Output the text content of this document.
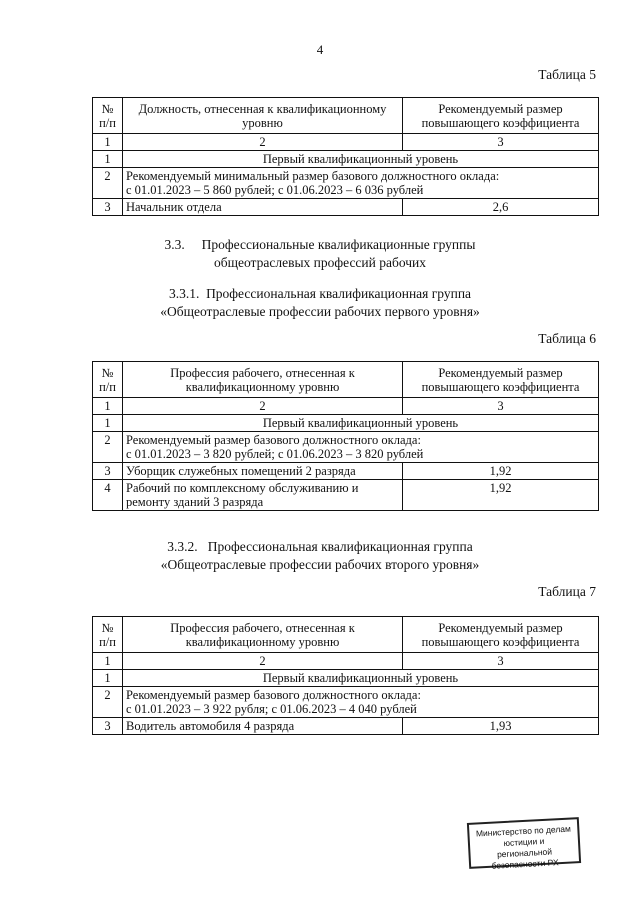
4
Таблица 5
№ п/п	Должность, отнесенная к квалификационному уровню	Рекомендуемый размер повышающего коэффициента
1	2	3
1	Первый квалификационный уровень	
2	Рекомендуемый минимальный размер базового должностного оклада:
с 01.01.2023 – 5 860 рублей; с 01.06.2023 – 6 036 рублей	

3	Начальник отдела	2,6
3.3.     Профессиональные квалификационные группы
общеотраслевых профессий рабочих
3.3.1.  Профессиональная квалификационная группа
«Общеотраслевые профессии рабочих первого уровня»
Таблица 6
№ п/п	Профессия рабочего, отнесенная к квалификационному уровню	Рекомендуемый размер повышающего коэффициента
1	2	3
1	Первый квалификационный уровень	
2	Рекомендуемый размер базового должностного оклада:
с 01.01.2023 – 3 820 рублей; с 01.06.2023 – 3 820 рублей	

3	Уборщик служебных помещений 2 разряда	1,92
4	Рабочий по комплексному обслуживанию и ремонту зданий 3 разряда	1,92
3.3.2.   Профессиональная квалификационная группа
«Общеотраслевые профессии рабочих второго уровня»
Таблица 7
№ п/п	Профессия рабочего, отнесенная к квалификационному уровню	Рекомендуемый размер повышающего коэффициента
1	2	3
1	Первый квалификационный уровень	
2	Рекомендуемый размер базового должностного оклада:
с 01.01.2023 – 3 922 рубля; с 01.06.2023 – 4 040 рублей	

3	Водитель автомобиля 4 разряда	1,93
Министерство по делам
юстиции и региональной
безопасности РХ
